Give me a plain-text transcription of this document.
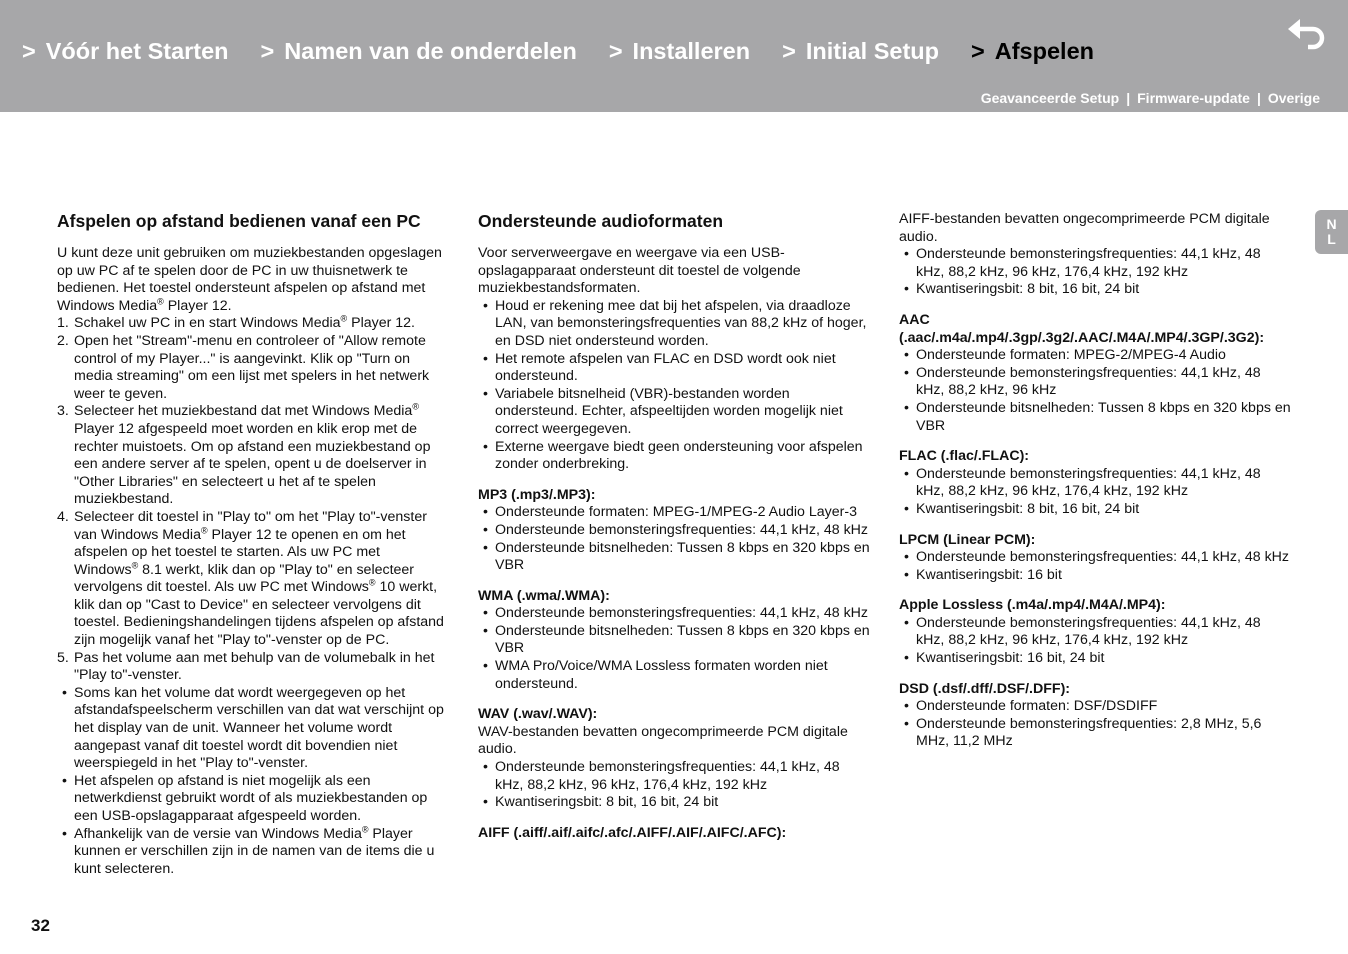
> Vóór het Starten > Namen van de onderdelen > Installeren > Initial Setup > Afspelen
Geavanceerde Setup | Firmware-update | Overige
N
L
Afspelen op afstand bedienen vanaf een PC

U kunt deze unit gebruiken om muziekbestanden opgeslagen op uw PC af te spelen door de PC in uw thuisnetwerk te bedienen. Het toestel ondersteunt afspelen op afstand met Windows Media® Player 12.

1. Schakel uw PC in en start Windows Media® Player 12.
2. Open het "Stream"-menu en controleer of "Allow remote control of my Player..." is aangevinkt. Klik op "Turn on media streaming" om een lijst met spelers in het netwerk weer te geven.
3. Selecteer het muziekbestand dat met Windows Media® Player 12 afgespeeld moet worden en klik erop met de rechter muistoets. Om op afstand een muziekbestand op een andere server af te spelen, opent u de doelserver in "Other Libraries" en selecteert u het af te spelen muziekbestand.
4. Selecteer dit toestel in "Play to" om het "Play to"-venster van Windows Media® Player 12 te openen en om het afspelen op het toestel te starten. Als uw PC met Windows® 8.1 werkt, klik dan op "Play to" en selecteer vervolgens dit toestel. Als uw PC met Windows® 10 werkt, klik dan op "Cast to Device" en selecteer vervolgens dit toestel. Bedieningshandelingen tijdens afspelen op afstand zijn mogelijk vanaf het "Play to"-venster op de PC.
5. Pas het volume aan met behulp van de volumebalk in het "Play to"-venster.
• Soms kan het volume dat wordt weergegeven op het afstandafspeelscherm verschillen van dat wat verschijnt op het display van de unit. Wanneer het volume wordt aangepast vanaf dit toestel wordt dit bovendien niet weerspiegeld in het "Play to"-venster.
• Het afspelen op afstand is niet mogelijk als een netwerkdienst gebruikt wordt of als muziekbestanden op een USB-opslagapparaat afgespeeld worden.
• Afhankelijk van de versie van Windows Media® Player kunnen er verschillen zijn in de namen van de items die u kunt selecteren.
Ondersteunde audioformaten

Voor serverweergave en weergave via een USB-opslagapparaat ondersteunt dit toestel de volgende muziekbestandsformaten.

• Houd er rekening mee dat bij het afspelen, via draadloze LAN, van bemonsteringsfrequenties van 88,2 kHz of hoger, en DSD niet ondersteund worden.
• Het remote afspelen van FLAC en DSD wordt ook niet ondersteund.
• Variabele bitsnelheid (VBR)-bestanden worden ondersteund. Echter, afspeeltijden worden mogelijk niet correct weergegeven.
• Externe weergave biedt geen ondersteuning voor afspelen zonder onderbreking.

MP3 (.mp3/.MP3):

• Ondersteunde formaten: MPEG-1/MPEG-2 Audio Layer-3
• Ondersteunde bemonsteringsfrequenties: 44,1 kHz, 48 kHz
• Ondersteunde bitsnelheden: Tussen 8 kbps en 320 kbps en VBR

WMA (.wma/.WMA):

• Ondersteunde bemonsteringsfrequenties: 44,1 kHz, 48 kHz
• Ondersteunde bitsnelheden: Tussen 8 kbps en 320 kbps en VBR
• WMA Pro/Voice/WMA Lossless formaten worden niet ondersteund.

WAV (.wav/.WAV):

WAV-bestanden bevatten ongecomprimeerde PCM digitale audio.

• Ondersteunde bemonsteringsfrequenties: 44,1 kHz, 48 kHz, 88,2 kHz, 96 kHz, 176,4 kHz, 192 kHz
• Kwantiseringsbit: 8 bit, 16 bit, 24 bit

AIFF (.aiff/.aif/.aifc/.afc/.AIFF/.AIF/.AIFC/.AFC):

AIFF-bestanden bevatten ongecomprimeerde PCM digitale audio.

• Ondersteunde bemonsteringsfrequenties: 44,1 kHz, 48 kHz, 88,2 kHz, 96 kHz, 176,4 kHz, 192 kHz
• Kwantiseringsbit: 8 bit, 16 bit, 24 bit

AAC (.aac/.m4a/.mp4/.3gp/.3g2/.AAC/.M4A/.MP4/.3GP/.3G2):

• Ondersteunde formaten: MPEG-2/MPEG-4 Audio
• Ondersteunde bemonsteringsfrequenties: 44,1 kHz, 48 kHz, 88,2 kHz, 96 kHz
• Ondersteunde bitsnelheden: Tussen 8 kbps en 320 kbps en VBR

FLAC (.flac/.FLAC):

• Ondersteunde bemonsteringsfrequenties: 44,1 kHz, 48 kHz, 88,2 kHz, 96 kHz, 176,4 kHz, 192 kHz
• Kwantiseringsbit: 8 bit, 16 bit, 24 bit

LPCM (Linear PCM):

• Ondersteunde bemonsteringsfrequenties: 44,1 kHz, 48 kHz
• Kwantiseringsbit: 16 bit

Apple Lossless (.m4a/.mp4/.M4A/.MP4):

• Ondersteunde bemonsteringsfrequenties: 44,1 kHz, 48 kHz, 88,2 kHz, 96 kHz, 176,4 kHz, 192 kHz
• Kwantiseringsbit: 16 bit, 24 bit

DSD (.dsf/.dff/.DSF/.DFF):

• Ondersteunde formaten: DSF/DSDIFF
• Ondersteunde bemonsteringsfrequenties: 2,8 MHz, 5,6 MHz, 11,2 MHz
32
